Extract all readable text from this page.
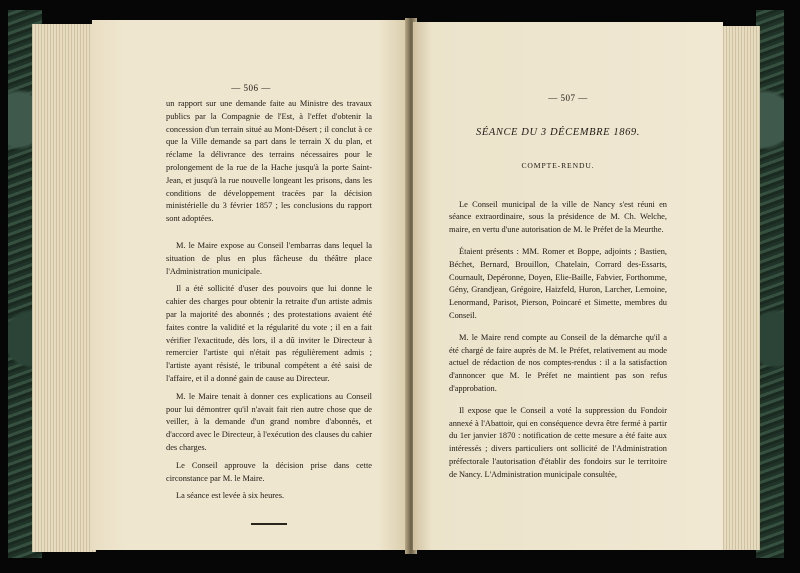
— 506 —

un rapport sur une demande faite au Ministre des travaux publics par la Compagnie de l'Est, à l'effet d'obtenir la concession d'un terrain situé au Mont-Désert ; il conclut à ce que la Ville demande sa part dans le terrain X du plan, et réclame la délivrance des terrains nécessaires pour le prolongement de la rue de la Hache jusqu'à la porte Saint-Jean, et jusqu'à la rue nouvelle longeant les prisons, dans les conditions de développement tracées par la décision ministérielle du 3 février 1857 ; les conclusions du rapport sont adoptées.

M. le Maire expose au Conseil l'embarras dans lequel la situation de plus en plus fâcheuse du théâtre place l'Administration municipale.

Il a été sollicité d'user des pouvoirs que lui donne le cahier des charges pour obtenir la retraite d'un artiste admis par la majorité des abonnés ; des protestations avaient été faites contre la validité et la régularité du vote ; il en a fait vérifier l'exactitude, dès lors, il a dû inviter le Directeur à remercier l'artiste qui n'était pas régulièrement admis ; l'artiste ayant résisté, le tribunal compétent a été saisi de l'affaire, et il a donné gain de cause au Directeur.

M. le Maire tenait à donner ces explications au Conseil pour lui démontrer qu'il n'avait fait rien autre chose que de veiller, à la demande d'un grand nombre d'abonnés, et d'accord avec le Directeur, à l'exécution des clauses du cahier des charges.

Le Conseil approuve la décision prise dans cette circonstance par M. le Maire.

La séance est levée à six heures.

— 507 —
SÉANCE DU 3 DÉCEMBRE 1869.
COMPTE-RENDU.

Le Conseil municipal de la ville de Nancy s'est réuni en séance extraordinaire, sous la présidence de M. Ch. Welche, maire, en vertu d'une autorisation de M. le Préfet de la Meurthe.

Étaient présents : MM. Romer et Boppe, adjoints ; Bastien, Béchet, Bernard, Brouillon, Chatelain, Corrard des-Essarts, Cournault, Depéronne, Doyen, Elie-Baille, Fabvier, Forthomme, Gény, Grandjean, Grégoire, Haizfeld, Huron, Larcher, Lemoine, Lenormand, Parisot, Pierson, Poincaré et Simette, membres du Conseil.

M. le Maire rend compte au Conseil de la démarche qu'il a été chargé de faire auprès de M. le Préfet, relativement au mode actuel de rédaction de nos comptes-rendus : il a la satisfaction d'annoncer que M. le Préfet ne maintient pas son refus d'approbation.

Il expose que le Conseil a voté la suppression du Fondoir annexé à l'Abattoir, qui en conséquence devra être fermé à partir du 1er janvier 1870 : notification de cette mesure a été faite aux intéressés ; divers particuliers ont sollicité de l'Administration préfectorale l'autorisation d'établir des fondoirs sur le territoire de Nancy. L'Administration municipale consultée,
